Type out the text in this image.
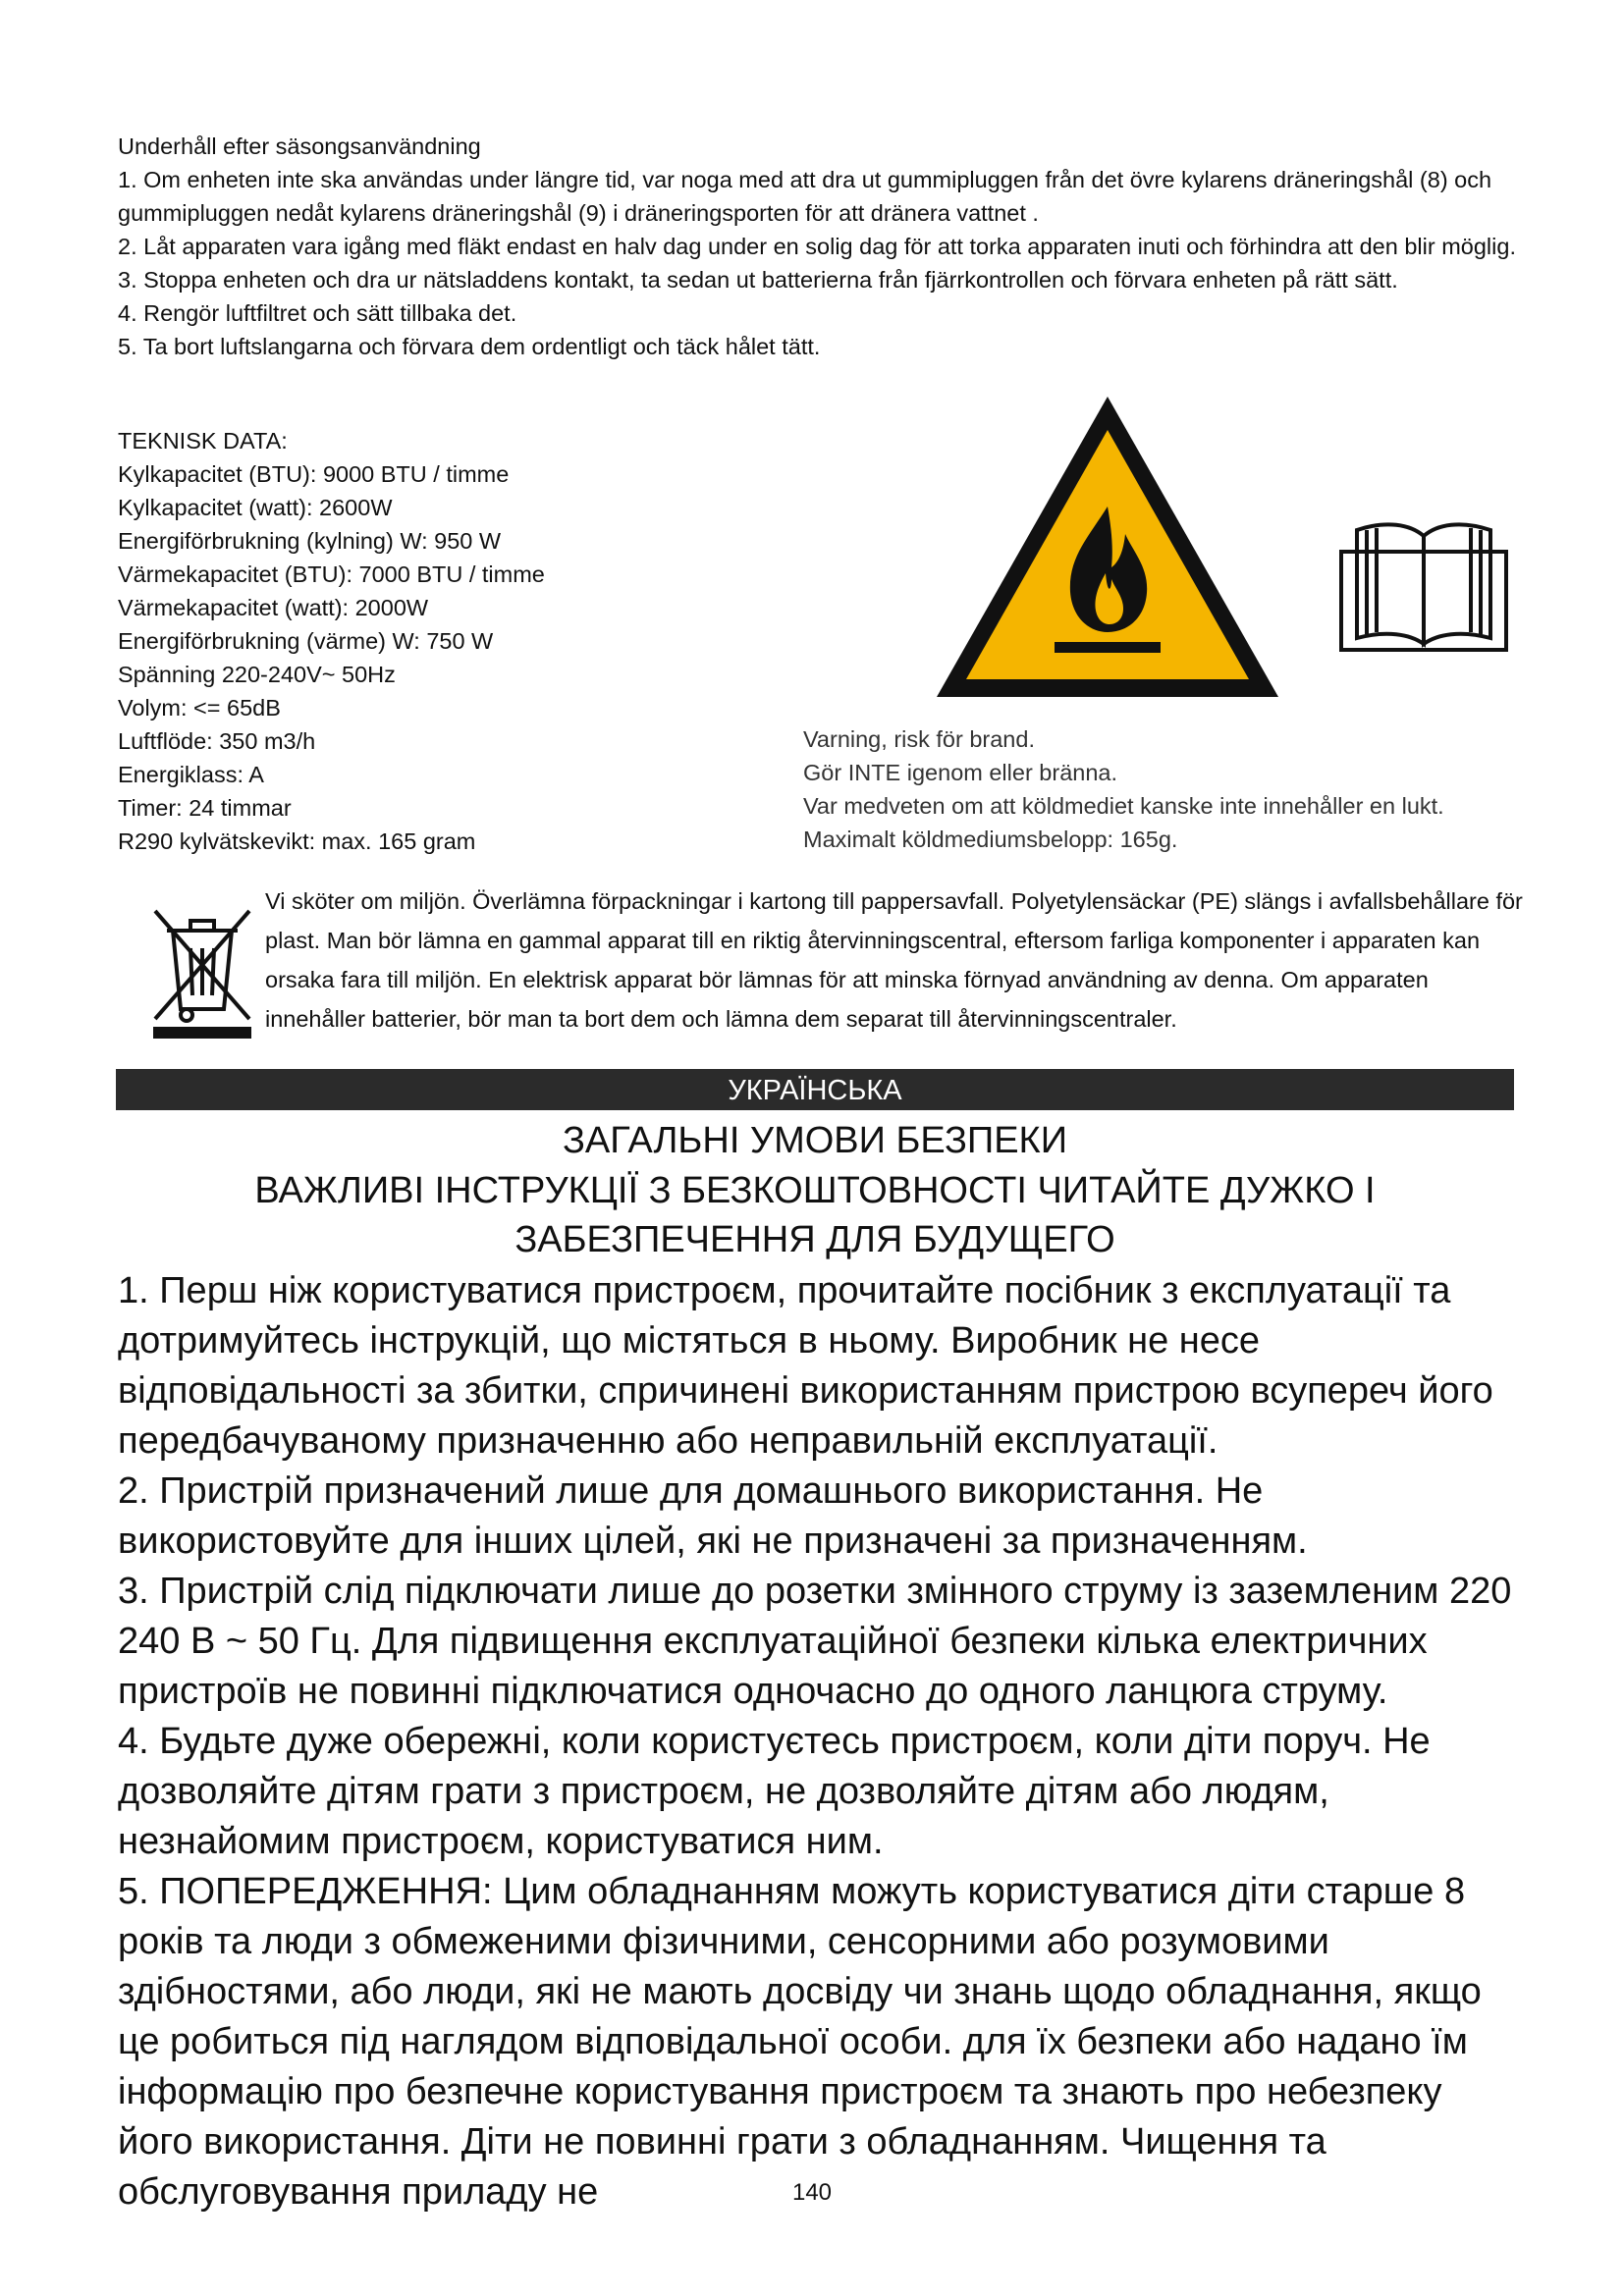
Underhåll efter säsongsanvändning
1. Om enheten inte ska användas under längre tid, var noga med att dra ut gummipluggen från det övre kylarens dräneringshål (8) och gummipluggen nedåt kylarens dräneringshål (9) i dräneringsporten för att dränera vattnet .
2. Låt apparaten vara igång med fläkt endast en halv dag under en solig dag för att torka apparaten inuti och förhindra att den blir möglig.
3. Stoppa enheten och dra ur nätsladdens kontakt, ta sedan ut batterierna från fjärrkontrollen och förvara enheten på rätt sätt.
4. Rengör luftfiltret och sätt tillbaka det.
5. Ta bort luftslangarna och förvara dem ordentligt och täck hålet tätt.
TEKNISK DATA:
Kylkapacitet (BTU): 9000 BTU / timme
Kylkapacitet (watt): 2600W
Energiförbrukning (kylning) W: 950 W
Värmekapacitet (BTU): 7000 BTU / timme
Värmekapacitet (watt): 2000W
Energiförbrukning (värme) W: 750 W
Spänning 220-240V~ 50Hz
Volym: <= 65dB
Luftflöde: 350 m3/h
Energiklass: A
Timer: 24 timmar
R290 kylvätskevikt: max. 165 gram
Varning, risk för brand.
Gör INTE igenom eller bränna.
Var medveten om att köldmediet kanske inte innehåller en lukt.
Maximalt köldmediumsbelopp: 165g.
Vi sköter om miljön. Överlämna förpackningar i kartong till pappersavfall. Polyetylensäckar (PE) slängs i avfallsbehållare för plast. Man bör lämna en gammal apparat till en riktig återvinningscentral, eftersom farliga komponenter i apparaten kan orsaka fara till miljön. En elektrisk apparat bör lämnas för att minska förnyad användning av denna. Om apparaten innehåller batterier, bör man ta bort dem och lämna dem separat till återvinningscentraler.
УКРАЇНСЬКА
ЗАГАЛЬНІ УМОВИ БЕЗПЕКИ
ВАЖЛИВІ ІНСТРУКЦІЇ З БЕЗКОШТОВНОСТІ ЧИТАЙТЕ ДУЖКО І ЗАБЕЗПЕЧЕННЯ ДЛЯ БУДУЩЕГО
1. Перш ніж користуватися пристроєм, прочитайте посібник з експлуатації та дотримуйтесь інструкцій, що містяться в ньому. Виробник не несе відповідальності за збитки, спричинені використанням пристрою всупереч його передбачуваному призначенню або неправильній експлуатації.
2. Пристрій призначений лише для домашнього використання. Не використовуйте для інших цілей, які не призначені за призначенням.
3. Пристрій слід підключати лише до розетки змінного струму із заземленим 220 240 В ~ 50 Гц. Для підвищення експлуатаційної безпеки кілька електричних пристроїв не повинні підключатися одночасно до одного ланцюга струму.
4. Будьте дуже обережні, коли користуєтесь пристроєм, коли діти поруч. Не дозволяйте дітям грати з пристроєм, не дозволяйте дітям або людям, незнайомим пристроєм, користуватися ним.
5. ПОПЕРЕДЖЕННЯ: Цим обладнанням можуть користуватися діти старше 8 років та люди з обмеженими фізичними, сенсорними або розумовими здібностями, або люди, які не мають досвіду чи знань щодо обладнання, якщо це робиться під наглядом відповідальної особи. для їх безпеки або надано їм інформацію про безпечне користування пристроєм та знають про небезпеку його використання. Діти не повинні грати з обладнанням. Чищення та обслуговування приладу не	140
